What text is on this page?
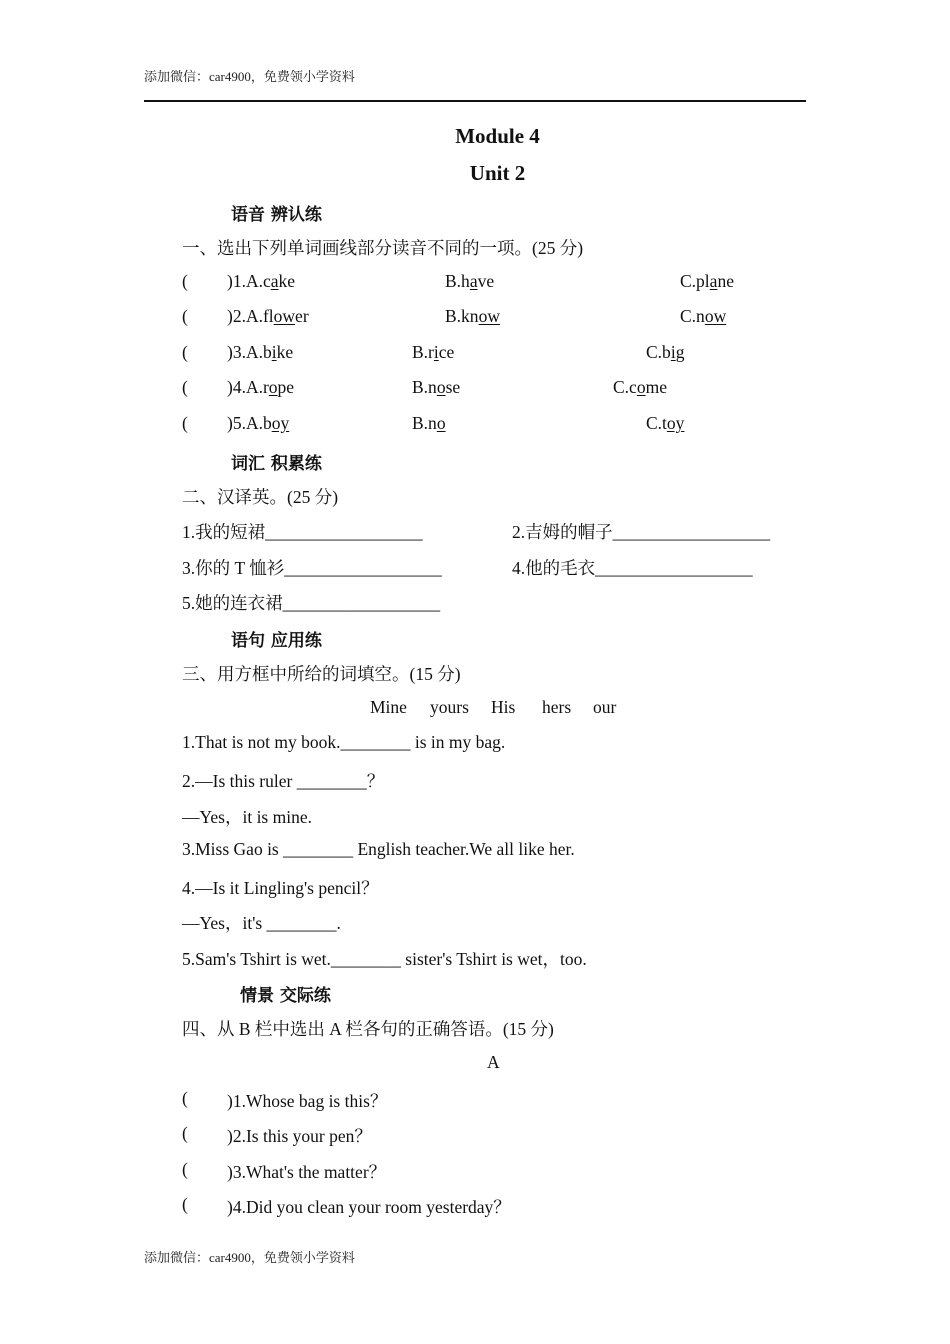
添加微信：car4900，免费领小学资料
Module 4
Unit 2
语音 辨认练
一、选出下列单词画线部分读音不同的一项。(25 分)
( )1.A.cake	B.have	C.plane
( )2.A.flower	B.know	C.now
( )3.A.bike	B.rice	C.big
( )4.A.rope	B.nose	C.come
( )5.A.boy	B.no	C.toy
词汇 积累练
二、汉译英。(25 分)
1.我的短裙__________________	2.吉姆的帽子__________________
3.你的 T 恤衫__________________	4.他的毛衣__________________
5.她的连衣裙__________________
语句 应用练
三、用方框中所给的词填空。(15 分)
Mine yours His hers our
1.That is not my book.________ is in my bag.
2.—Is this ruler ________？
—Yes，it is mine.
3.Miss Gao is ________ English teacher.We all like her.
4.—Is it Lingling's pencil？
—Yes，it's ________.
5.Sam's Tshirt is wet.________ sister's Tshirt is wet，too.
情景 交际练
四、从 B 栏中选出 A 栏各句的正确答语。(15 分)
A
( )1.Whose bag is this？
( )2.Is this your pen？
( )3.What's the matter？
( )4.Did you clean your room yesterday？
添加微信：car4900，免费领小学资料
